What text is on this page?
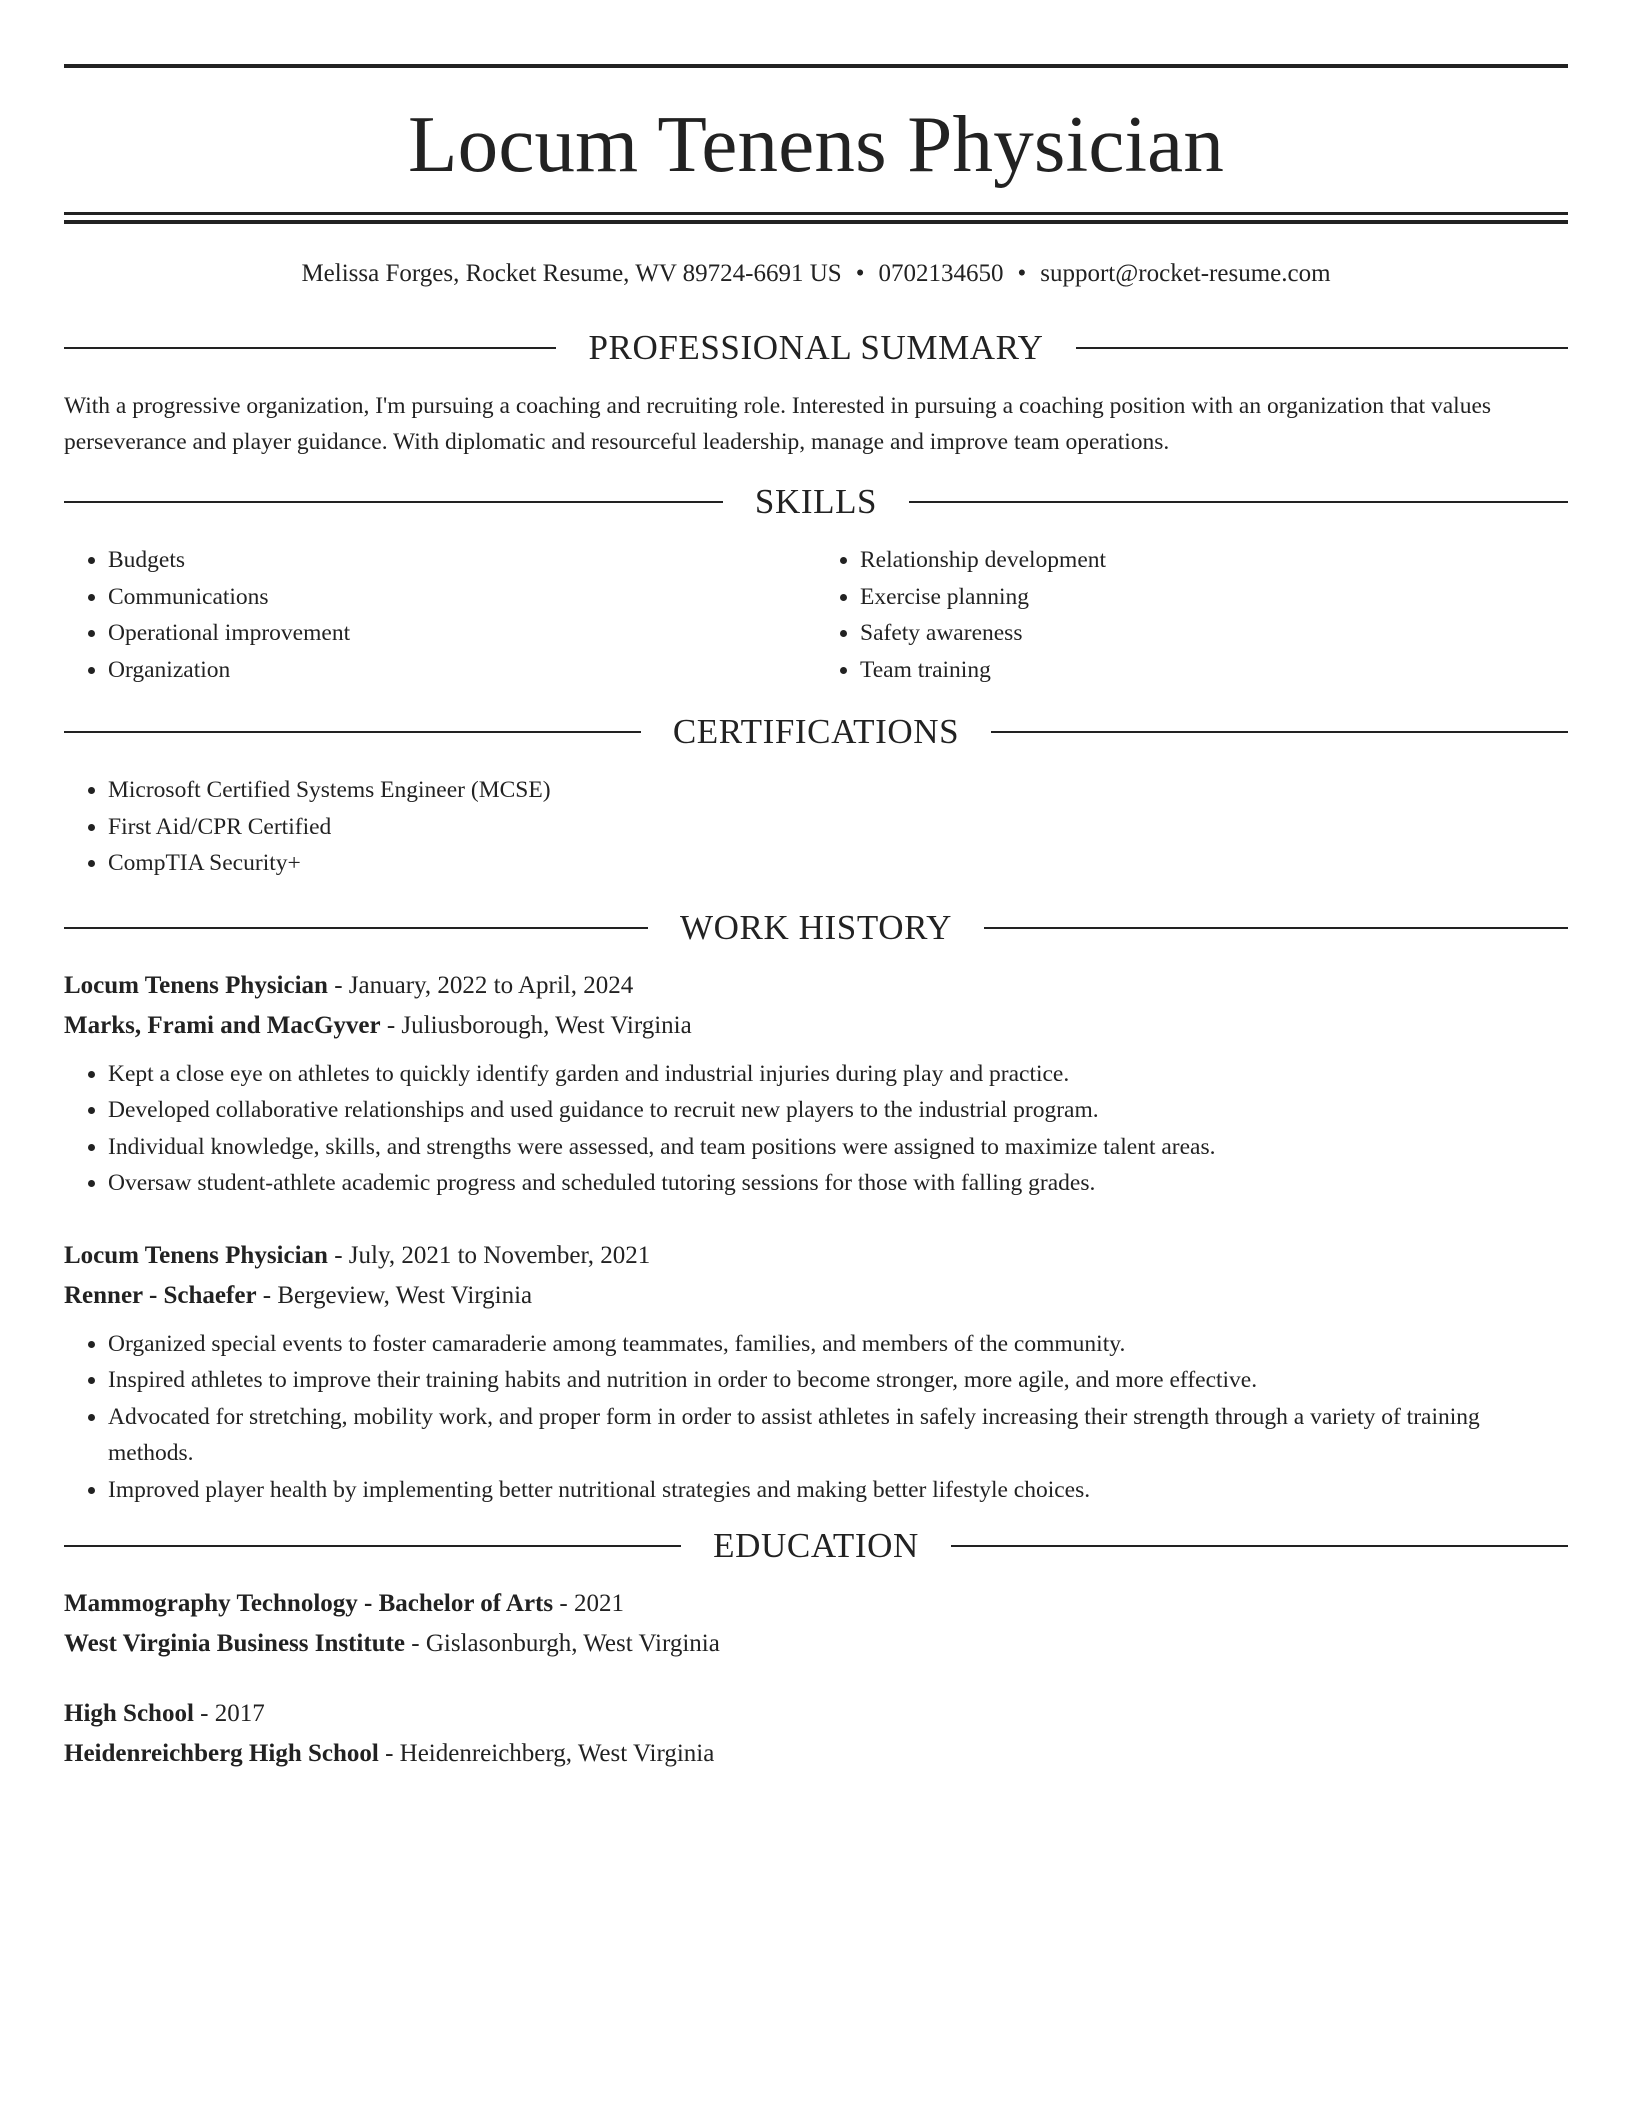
Locum Tenens Physician
Melissa Forges, Rocket Resume, WV 89724-6691 US • 0702134650 • support@rocket-resume.com
PROFESSIONAL SUMMARY
With a progressive organization, I'm pursuing a coaching and recruiting role. Interested in pursuing a coaching position with an organization that values perseverance and player guidance. With diplomatic and resourceful leadership, manage and improve team operations.
SKILLS
• Budgets
• Communications
• Operational improvement
• Organization
• Relationship development
• Exercise planning
• Safety awareness
• Team training
CERTIFICATIONS
• Microsoft Certified Systems Engineer (MCSE)
• First Aid/CPR Certified
• CompTIA Security+
WORK HISTORY
Locum Tenens Physician - January, 2022 to April, 2024
Marks, Frami and MacGyver - Juliusborough, West Virginia
• Kept a close eye on athletes to quickly identify garden and industrial injuries during play and practice.
• Developed collaborative relationships and used guidance to recruit new players to the industrial program.
• Individual knowledge, skills, and strengths were assessed, and team positions were assigned to maximize talent areas.
• Oversaw student-athlete academic progress and scheduled tutoring sessions for those with falling grades.
Locum Tenens Physician - July, 2021 to November, 2021
Renner - Schaefer - Bergeview, West Virginia
• Organized special events to foster camaraderie among teammates, families, and members of the community.
• Inspired athletes to improve their training habits and nutrition in order to become stronger, more agile, and more effective.
• Advocated for stretching, mobility work, and proper form in order to assist athletes in safely increasing their strength through a variety of training methods.
• Improved player health by implementing better nutritional strategies and making better lifestyle choices.
EDUCATION
Mammography Technology - Bachelor of Arts - 2021
West Virginia Business Institute - Gislasonburgh, West Virginia
High School - 2017
Heidenreichberg High School - Heidenreichberg, West Virginia
